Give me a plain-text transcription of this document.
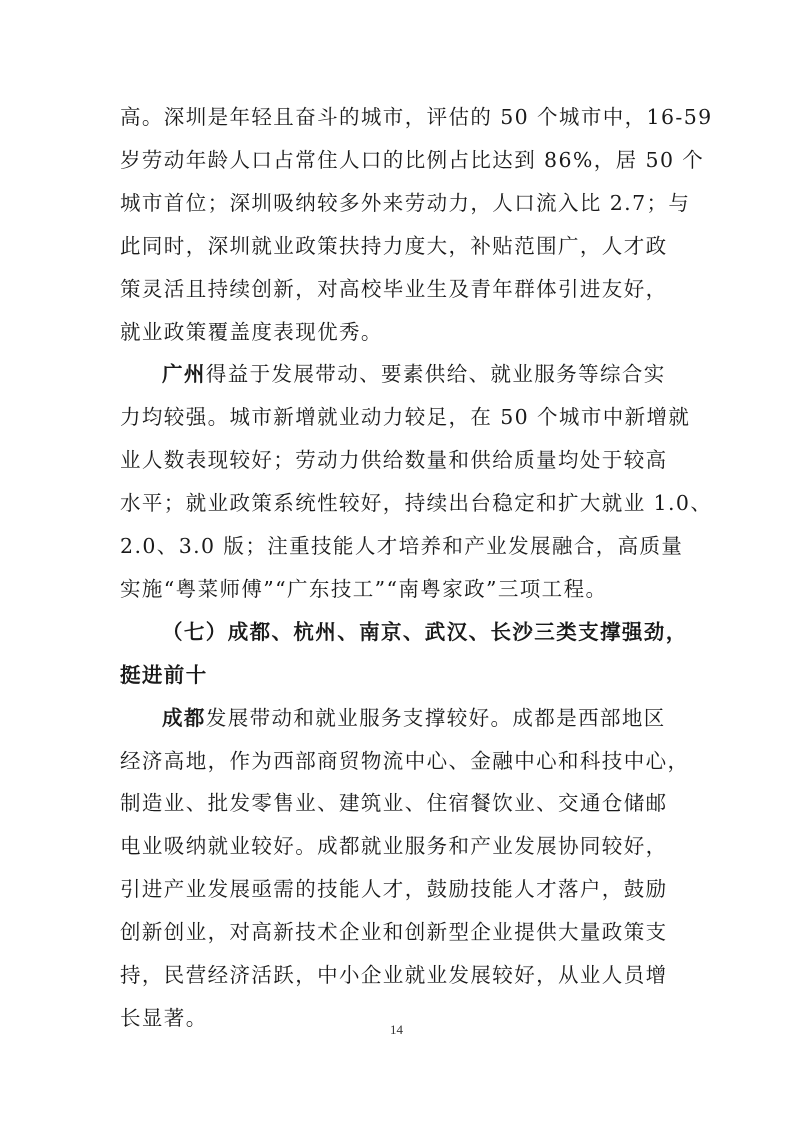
高。深圳是年轻且奋斗的城市，评估的 50 个城市中，16-59
岁劳动年龄人口占常住人口的比例占比达到 86%，居 50 个
城市首位；深圳吸纳较多外来劳动力，人口流入比 2.7；与
此同时，深圳就业政策扶持力度大，补贴范围广，人才政
策灵活且持续创新，对高校毕业生及青年群体引进友好，
就业政策覆盖度表现优秀。
广州得益于发展带动、要素供给、就业服务等综合实
力均较强。城市新增就业动力较足，在 50 个城市中新增就
业人数表现较好；劳动力供给数量和供给质量均处于较高
水平；就业政策系统性较好，持续出台稳定和扩大就业 1.0、
2.0、3.0 版；注重技能人才培养和产业发展融合，高质量
实施“粤菜师傅”“广东技工”“南粤家政”三项工程。
（七）成都、杭州、南京、武汉、长沙三类支撑强劲，
挺进前十
成都发展带动和就业服务支撑较好。成都是西部地区
经济高地，作为西部商贸物流中心、金融中心和科技中心，
制造业、批发零售业、建筑业、住宿餐饮业、交通仓储邮
电业吸纳就业较好。成都就业服务和产业发展协同较好，
引进产业发展亟需的技能人才，鼓励技能人才落户，鼓励
创新创业，对高新技术企业和创新型企业提供大量政策支
持，民营经济活跃，中小企业就业发展较好，从业人员增
14
长显著。
